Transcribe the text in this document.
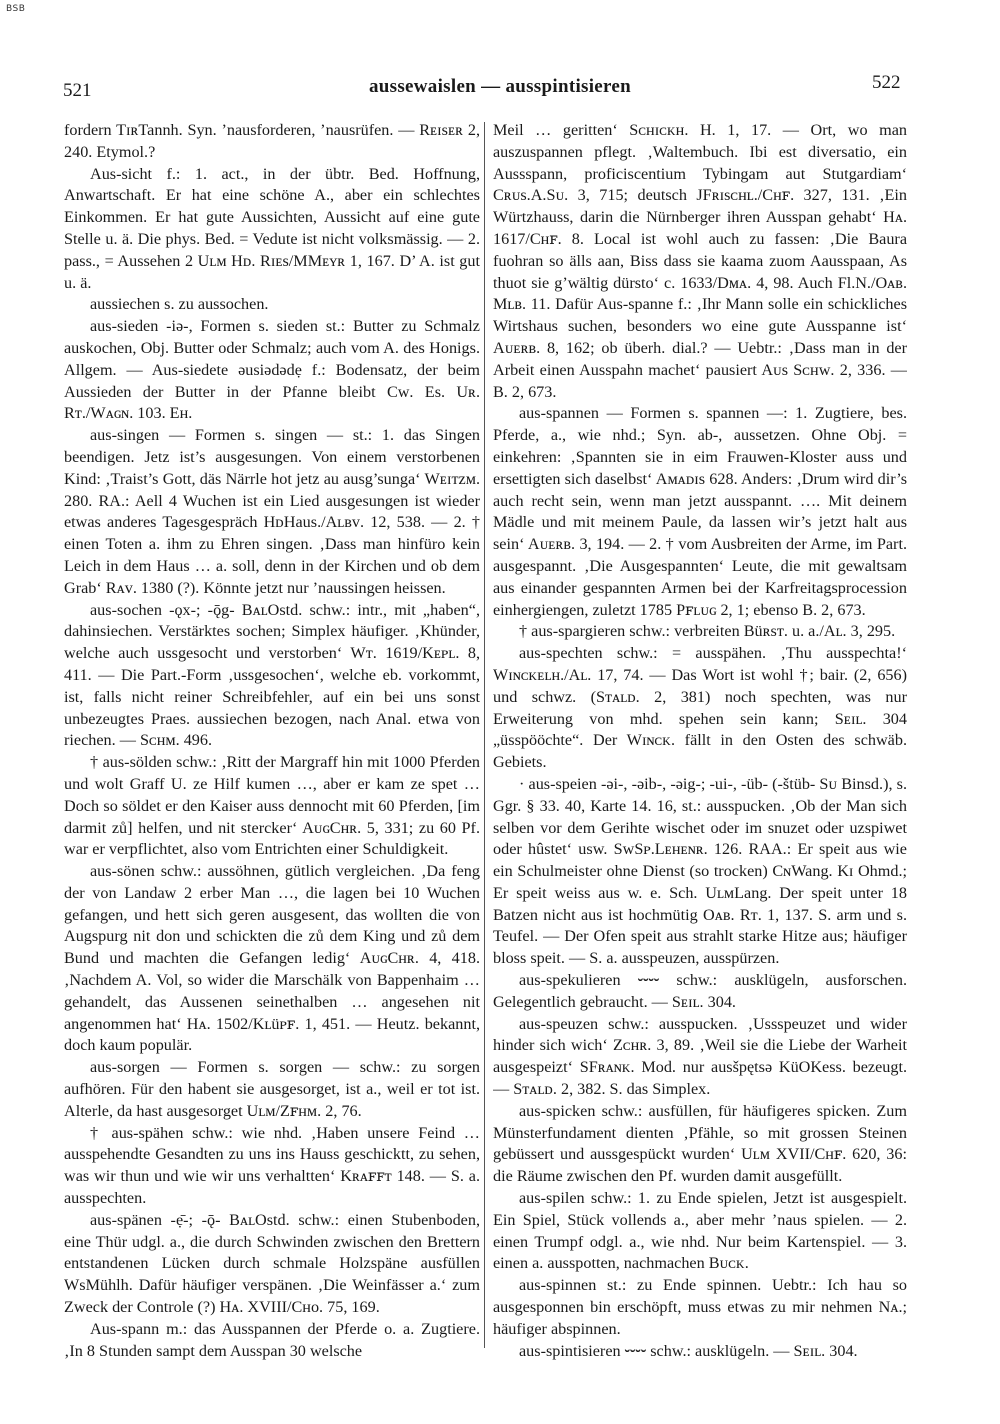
BSB
521	aussewaislen — ausspintisieren	522

fordern TɪʀTannh. Syn. ’nausforderen, ’nausrüfen. — Rᴇɪsᴇʀ 2, 240. Etymol.?

Aus-sicht f.: 1. act., in der übtr. Bed. Hoffnung, Anwartschaft. Er hat eine schöne A., aber ein schlechtes Einkommen. Er hat gute Aussichten, Aussicht auf eine gute Stelle u. ä. Die phys. Bed. = Vedute ist nicht volksmässig. — 2. pass., = Aussehen 2 Uʟᴍ Hᴅ. Rɪᴇs/MMᴇʏʀ 1, 167. D’ A. ist gut u. ä.

aussiechen s. zu aussochen.

aus-sieden -iə-, Formen s. sieden st.: Butter zu Schmalz auskochen, Obj. Butter oder Schmalz; auch vom A. des Honigs. Allgem. — Aus-siedete əusiədədẹ f.: Bodensatz, der beim Aussieden der Butter in der Pfanne bleibt Cᴡ. Es. Uʀ. Rᴛ./Wᴀɢɴ. 103. Eʜ.

aus-singen — Formen s. singen — st.: 1. das Singen beendigen. Jetz ist’s ausgesungen. Von einem verstorbenen Kind: ‚Traist’s Gott, däs Närrle hot jetz au ausg’sunga‘ Wᴇɪᴛᴢᴍ. 280. RA.: Aell 4 Wuchen ist ein Lied ausgesungen ist wieder etwas anderes Tagesgespräch HᴅHaus./Aʟʙᴠ. 12, 538. — 2. † einen Toten a. ihm zu Ehren singen. ‚Dass man hinfüro kein Leich in dem Haus … a. soll, denn in der Kirchen und ob dem Grab‘ Rᴀᴠ. 1380 (?). Könnte jetzt nur ’naussingen heissen.

aus-sochen -ǫx-; -ǭg- BᴀʟOstd. schw.: intr., mit „haben“, dahinsiechen. Verstärktes sochen; Simplex häufiger. ‚Khünder, welche auch ussgesocht und verstorben‘ Wᴛ. 1619/Kᴇᴘʟ. 8, 411. — Die Part.-Form ‚ussgesochen‘, welche eb. vorkommt, ist, falls nicht reiner Schreibfehler, auf ein bei uns sonst unbezeugtes Praes. aussiechen bezogen, nach Anal. etwa von riechen. — Sᴄʜᴍ. 496.

† aus-sölden schw.: ‚Ritt der Margraff hin mit 1000 Pferden und wolt Graff U. ze Hilf kumen …, aber er kam ze spet … Doch so söldet er den Kaiser auss dennocht mit 60 Pferden, [im darmit zů] helfen, und nit stercker‘ AᴜɢCʜʀ. 5, 331; zu 60 Pf. war er verpflichtet, also vom Entrichten einer Schuldigkeit.

aus-sönen schw.: aussöhnen, gütlich vergleichen. ‚Da feng der von Landaw 2 erber Man …, die lagen bei 10 Wuchen gefangen, und hett sich geren ausgesent, das wollten die von Augspurg nit don und schickten die zů dem King und zů dem Bund und machten die Gefangen ledig‘ AᴜɢCʜʀ. 4, 418. ‚Nachdem A. Vol, so wider die Marschälk von Bappenhaim … gehandelt, das Aussenen seinethalben … angesehen nit angenommen hat‘ Hᴀ. 1502/Kʟüᴘꜰ. 1, 451. — Heutz. bekannt, doch kaum populär.

aus-sorgen — Formen s. sorgen — schw.: zu sorgen aufhören. Für den habent sie ausgesorget, ist a., weil er tot ist. Alterle, da hast ausgesorget Uʟᴍ/Zꜰʜᴍ. 2, 76.

† aus-spähen schw.: wie nhd. ‚Haben unsere Feind … ausspehendte Gesandten zu uns ins Hauss geschicktt, zu sehen, was wir thun und wie wir uns verhaltten‘ Kʀᴀꜰꜰᴛ 148. — S. a. ausspechten.

aus-spänen -ẹ̄-; -ǭ- BᴀʟOstd. schw.: einen Stubenboden, eine Thür udgl. a., die durch Schwinden zwischen den Brettern entstandenen Lücken durch schmale Holzspäne ausfüllen WsMühlh. Dafür häufiger verspänen. ‚Die Weinfässer a.‘ zum Zweck der Controle (?) Hᴀ. XVIII/Cʜᴏ. 75, 169.

Aus-spann m.: das Ausspannen der Pferde o. a. Zugtiere. ‚In 8 Stunden sampt dem Ausspan 30 welsche

Meil … geritten‘ Sᴄʜɪᴄᴋʜ. H. 1, 17. — Ort, wo man auszuspannen pflegt. ‚Waltembuch. Ibi est diversatio, ein Aussspann, proficiscentium Tybingam aut Stutgardiam‘ Cʀᴜs.A.Sᴜ. 3, 715; deutsch JFʀɪsᴄʜʟ./Cʜꜰ. 327, 131. ‚Ein Würtzhauss, darin die Nürnberger ihren Ausspan gehabt‘ Hᴀ. 1617/Cʜꜰ. 8. Local ist wohl auch zu fassen: ‚Die Baura fuohran so älls aan, Biss dass sie kaama zuom Aausspaan, As thuot sie g’wältig dürsto‘ c. 1633/Dᴍᴀ. 4, 98. Auch Fl.N./Oᴀʙ. Mʟʙ. 11. Dafür Aus-spanne f.: ‚Ihr Mann solle ein schickliches Wirtshaus suchen, besonders wo eine gute Ausspanne ist‘ Aᴜᴇʀʙ. 8, 162; ob überh. dial.? — Uebtr.: ‚Dass man in der Arbeit einen Ausspahn machet‘ pausiert Aᴜs Sᴄʜᴡ. 2, 336. — B. 2, 673.

aus-spannen — Formen s. spannen —: 1. Zugtiere, bes. Pferde, a., wie nhd.; Syn. ab-, aussetzen. Ohne Obj. = einkehren: ‚Spannten sie in eim Frauwen-Kloster auss und ersettigten sich daselbst‘ Aᴍᴀᴅɪs 628. Anders: ‚Drum wird dir’s auch recht sein, wenn man jetzt ausspannt. …. Mit deinem Mädle und mit meinem Paule, da lassen wir’s jetzt halt aus sein‘ Aᴜᴇʀʙ. 3, 194. — 2. † vom Ausbreiten der Arme, im Part. ausgespannt. ‚Die Ausgespannten‘ Leute, die mit gewaltsam aus einander gespannten Armen bei der Karfreitagsprocession einhergiengen, zuletzt 1785 Pꜰʟᴜɢ 2, 1; ebenso B. 2, 673.

† aus-spargieren schw.: verbreiten Büʀsᴛ. u. a./Aʟ. 3, 295.

aus-spechten schw.: = ausspähen. ‚Thu ausspechta!‘ Wɪɴᴄᴋᴇʟʜ./Aʟ. 17, 74. — Das Wort ist wohl †; bair. (2, 656) und schwz. (Sᴛᴀʟᴅ. 2, 381) noch spechten, was nur Erweiterung von mhd. spehen sein kann; Sᴇɪʟ. 304 „üsspööchte“. Der Wɪɴᴄᴋ. fällt in den Osten des schwäb. Gebiets.

· aus-speien -əi-, -əib-, -əig-; -ui-, -üb- (-štüb- Sᴜ Binsd.), s. Ggr. § 33. 40, Karte 14. 16, st.: ausspucken. ‚Ob der Man sich selben vor dem Gerihte wischet oder im snuzet oder uzspiwet oder hûstet‘ usw. SᴡSᴘ.Lᴇʜᴇɴʀ. 126. RAA.: Er speit aus wie ein Schulmeister ohne Dienst (so trocken) CɴWang. Kɪ Ohmd.; Er speit weiss aus w. e. Sch. UʟᴍLang. Der speit unter 18 Batzen nicht aus ist hochmütig Oᴀʙ. Rᴛ. 1, 137. S. arm und s. Teufel. — Der Ofen speit aus strahlt starke Hitze aus; häufiger bloss speit. — S. a. ausspeuzen, ausspürzen.

aus-spekulieren ⏑⏑⏑⏑ schw.: ausklügeln, ausforschen. Gelegentlich gebraucht. — Sᴇɪʟ. 304.

aus-speuzen schw.: ausspucken. ‚Ussspeuzet und wider hinder sich wich‘ Zᴄʜʀ. 3, 89. ‚Weil sie die Liebe der Warheit ausgespeizt‘ SFʀᴀɴᴋ. Mod. nur ausšpętsə KüOKess. bezeugt. — Sᴛᴀʟᴅ. 2, 382. S. das Simplex.

aus-spicken schw.: ausfüllen, für häufigeres spicken. Zum Münsterfundament dienten ‚Pfähle, so mit grossen Steinen gebüssert und aussgespückt wurden‘ Uʟᴍ XVII/Cʜꜰ. 620, 36: die Räume zwischen den Pf. wurden damit ausgefüllt.

aus-spilen schw.: 1. zu Ende spielen, Jetzt ist ausgespielt. Ein Spiel, Stück vollends a., aber mehr ’naus spielen. — 2. einen Trumpf odgl. a., wie nhd. Nur beim Kartenspiel. — 3. einen a. ausspotten, nachmachen Bᴜᴄᴋ.

aus-spinnen st.: zu Ende spinnen. Uebtr.: Ich hau so ausgesponnen bin erschöpft, muss etwas zu mir nehmen Nᴀ.; häufiger abspinnen.

aus-spintisieren ⏑⏑⏑⏑ schw.: ausklügeln. — Sᴇɪʟ. 304.
